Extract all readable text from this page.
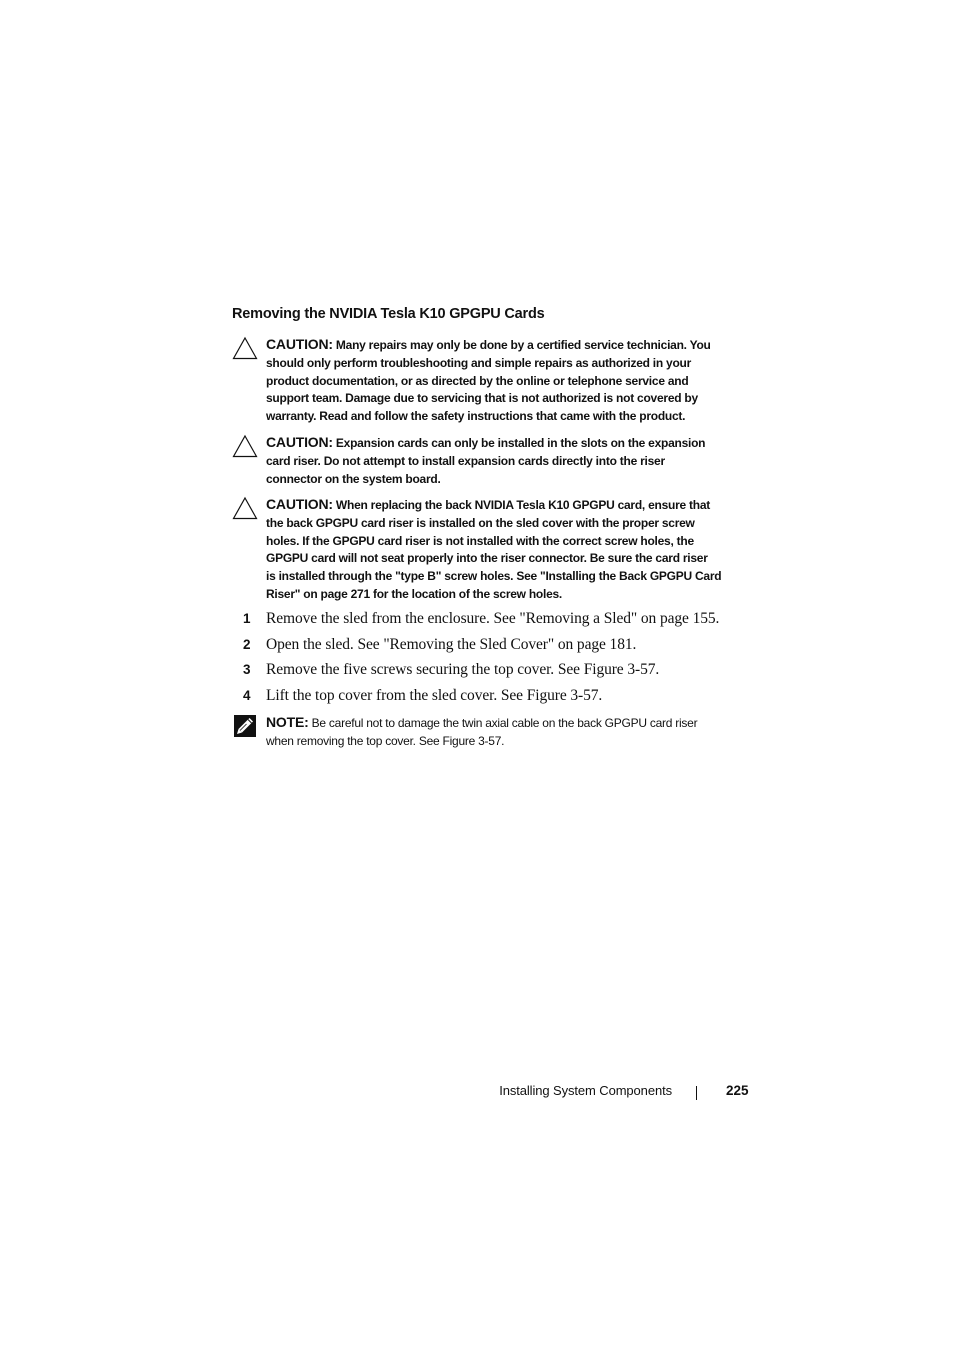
Removing the NVIDIA Tesla K10 GPGPU Cards
CAUTION: Many repairs may only be done by a certified service technician. You
should only perform troubleshooting and simple repairs as authorized in your
product documentation, or as directed by the online or telephone service and
support team. Damage due to servicing that is not authorized is not covered by
warranty. Read and follow the safety instructions that came with the product.
CAUTION: Expansion cards can only be installed in the slots on the expansion
card riser. Do not attempt to install expansion cards directly into the riser
connector on the system board.
CAUTION: When replacing the back NVIDIA Tesla K10 GPGPU card, ensure that
the back GPGPU card riser is installed on the sled cover with the proper screw
holes. If the GPGPU card riser is not installed with the correct screw holes, the
GPGPU card will not seat properly into the riser connector. Be sure the card riser
is installed through the "type B" screw holes. See "Installing the Back GPGPU Card
Riser" on page 271 for the location of the screw holes.
1 Remove the sled from the enclosure. See "Removing a Sled" on page 155.
2 Open the sled. See "Removing the Sled Cover" on page 181.
3 Remove the five screws securing the top cover. See Figure 3-57.
4 Lift the top cover from the sled cover. See Figure 3-57.
NOTE: Be careful not to damage the twin axial cable on the back GPGPU card riser
when removing the top cover. See Figure 3-57.
Installing System Components	225
